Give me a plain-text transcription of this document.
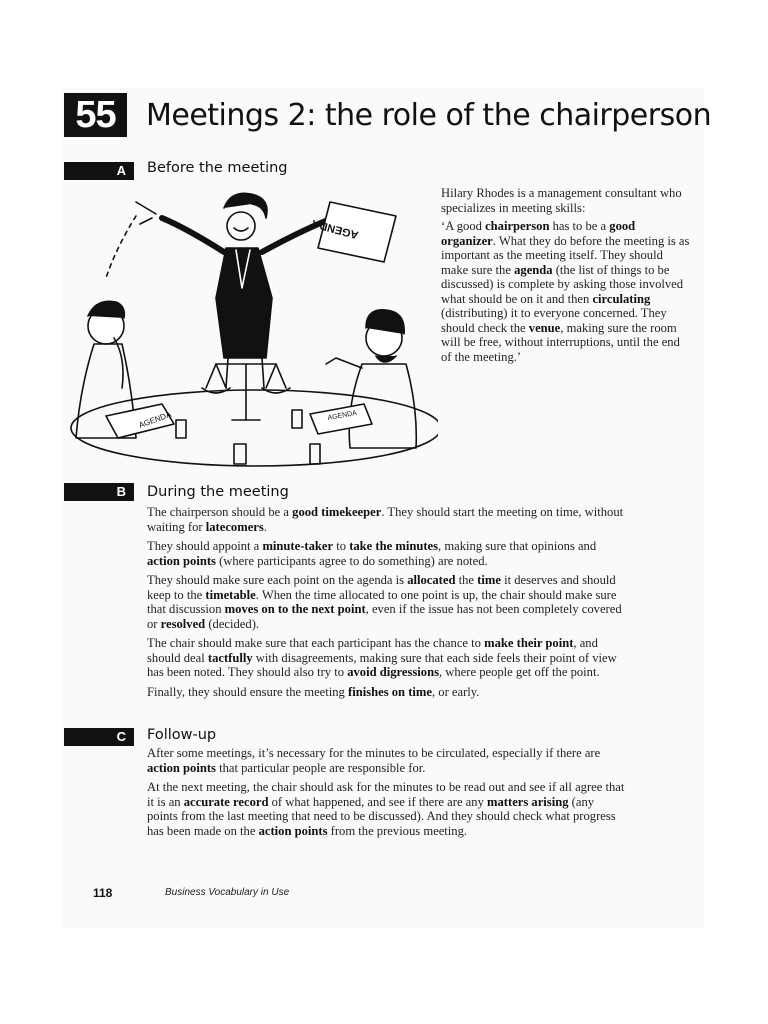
55	Meetings 2: the role of the chairperson
A	Before the meeting
AGENDA
AGENDA	AGENDA

Hilary Rhodes is a management consultant who specializes in meeting skills:

‘A good chairperson has to be a good organizer. What they do before the meeting is as important as the meeting itself. They should make sure the agenda (the list of things to be discussed) is complete by asking those involved what should be on it and then circulating (distributing) it to everyone concerned. They should check the venue, making sure the room will be free, without interruptions, until the end of the meeting.’

B	During the meeting

The chairperson should be a good timekeeper. They should start the meeting on time, without waiting for latecomers.

They should appoint a minute-taker to take the minutes, making sure that opinions and action points (where participants agree to do something) are noted.

They should make sure each point on the agenda is allocated the time it deserves and should keep to the timetable. When the time allocated to one point is up, the chair should make sure that discussion moves on to the next point, even if the issue has not been completely covered or resolved (decided).

The chair should make sure that each participant has the chance to make their point, and should deal tactfully with disagreements, making sure that each side feels their point of view has been noted. They should also try to avoid digressions, where people get off the point.

Finally, they should ensure the meeting finishes on time, or early.

C	Follow-up

After some meetings, it’s necessary for the minutes to be circulated, especially if there are action points that particular people are responsible for.

At the next meeting, the chair should ask for the minutes to be read out and see if all agree that it is an accurate record of what happened, and see if there are any matters arising (any points from the last meeting that need to be discussed). And they should check what progress has been made on the action points from the previous meeting.

118	Business Vocabulary in Use
